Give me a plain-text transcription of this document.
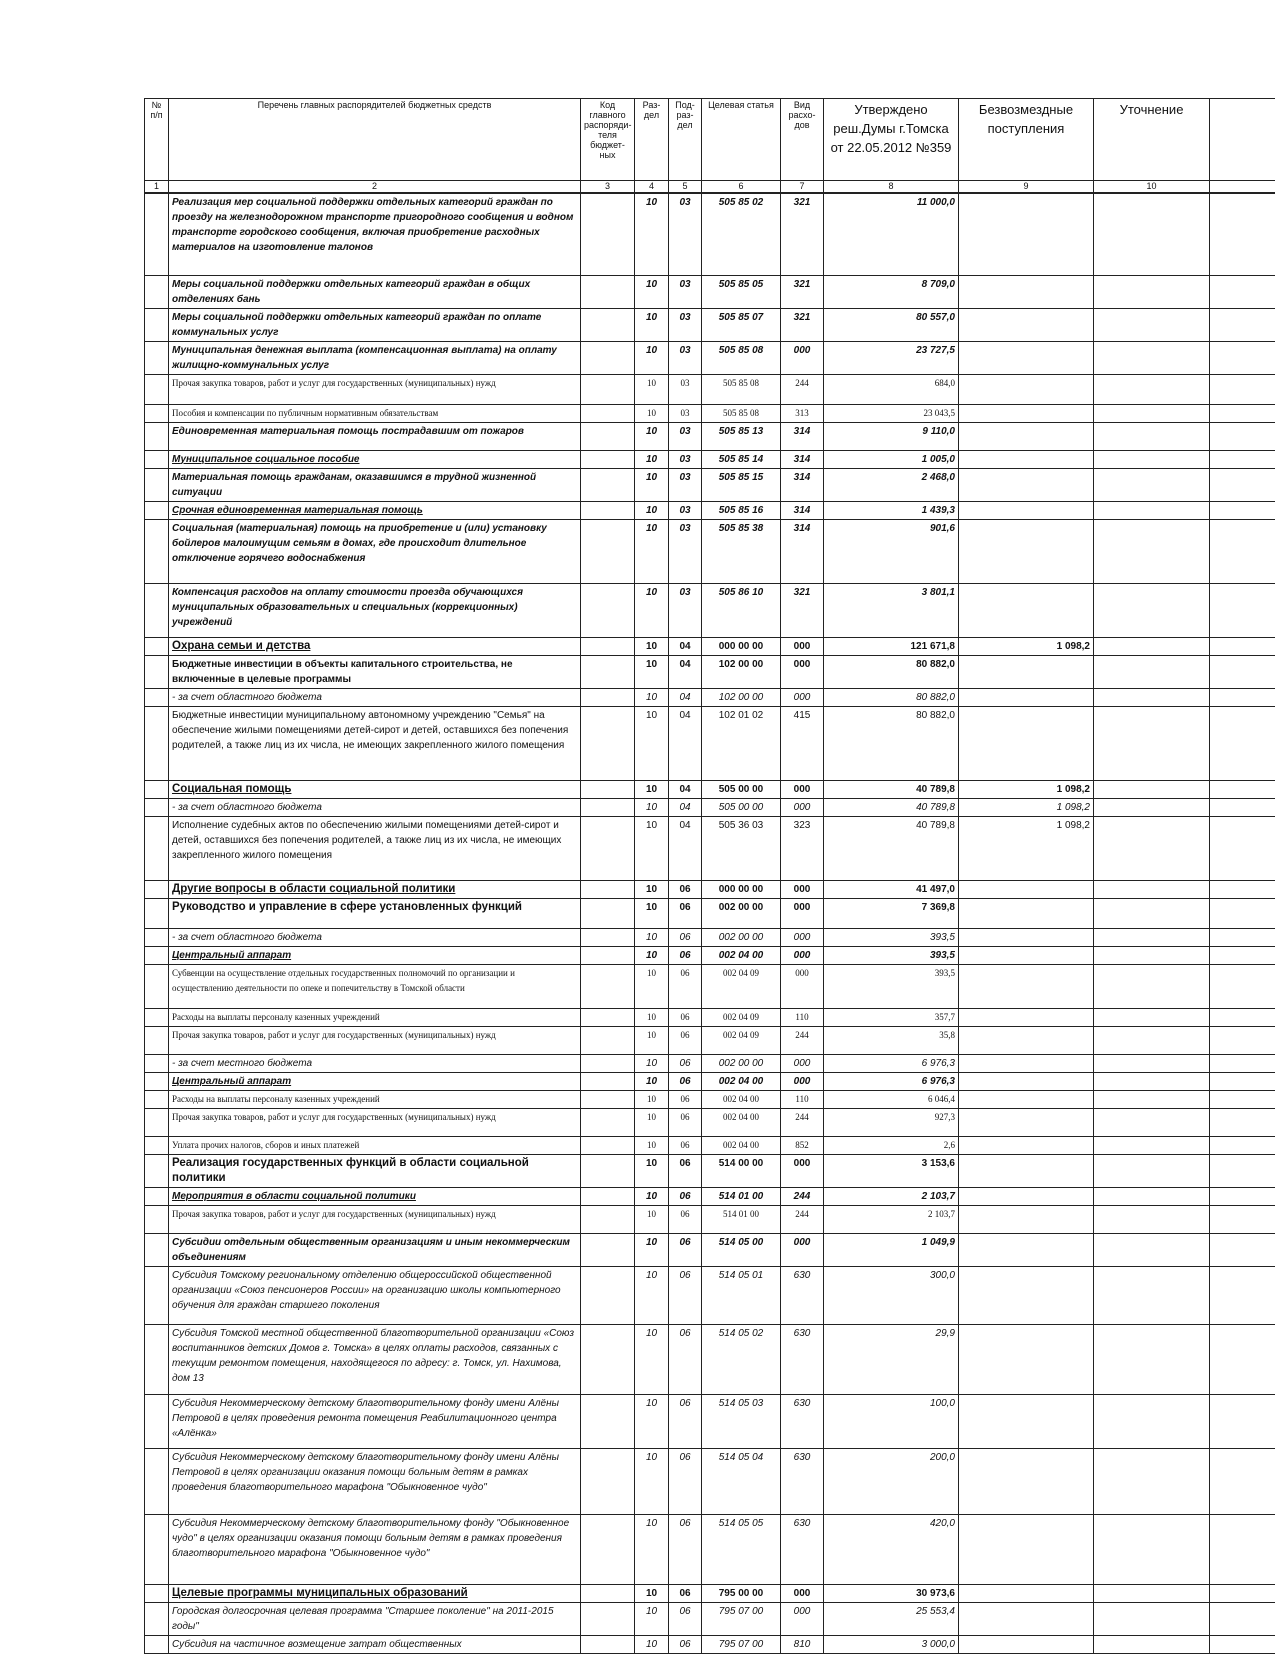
№ п/п	Перечень главных распорядителей бюджетных средств	Код главного распоряди-теля бюджет-ных	Раз-дел	Под-раз-дел	Целевая статья	Вид расхо-дов	Утверждено реш.Думы г.Томска от 22.05.2012 №359	Безвозмездные поступления	Уточнение	
1	2	3	4	5	6	7	8	9	10	
	Реализация мер социальной поддержки отдельных категорий граждан по проезду на железнодорожном транспорте пригородного сообщения и водном транспорте городского сообщения, включая приобретение расходных материалов на изготовление талонов		10	03	505 85 02	321	11 000,0			
	Меры социальной поддержки отдельных категорий граждан в общих отделениях бань		10	03	505 85 05	321	8 709,0			
	Меры социальной поддержки отдельных категорий граждан по оплате коммунальных услуг		10	03	505 85 07	321	80 557,0			
	Муниципальная денежная выплата (компенсационная выплата) на оплату жилищно-коммунальных услуг		10	03	505 85 08	000	23 727,5			
	Прочая закупка товаров, работ и услуг для государственных (муниципальных) нужд		10	03	505 85 08	244	684,0			
	Пособия и компенсации по публичным нормативным обязательствам		10	03	505 85 08	313	23 043,5			
	Единовременная материальная помощь пострадавшим от пожаров		10	03	505 85 13	314	9 110,0			
	Муниципальное социальное пособие		10	03	505 85 14	314	1 005,0			
	Материальная помощь гражданам, оказавшимся в трудной жизненной ситуации		10	03	505 85 15	314	2 468,0			
	Срочная единовременная материальная помощь		10	03	505 85 16	314	1 439,3			
	Социальная (материальная) помощь на приобретение и (или) установку бойлеров малоимущим семьям в домах, где происходит длительное отключение горячего водоснабжения		10	03	505 85 38	314	901,6			
	Компенсация расходов на оплату стоимости проезда обучающихся муниципальных образовательных и специальных (коррекционных) учреждений		10	03	505 86 10	321	3 801,1			
	Охрана семьи и детства		10	04	000 00 00	000	121 671,8	1 098,2		
	Бюджетные инвестиции в объекты капитального строительства, не включенные в целевые программы		10	04	102 00 00	000	80 882,0			
	- за счет областного бюджета		10	04	102 00 00	000	80 882,0			
	Бюджетные инвестиции муниципальному автономному учреждению "Семья" на обеспечение жилыми помещениями детей-сирот и детей, оставшихся без попечения родителей, а также лиц из их числа, не имеющих закрепленного жилого помещения		10	04	102 01 02	415	80 882,0			
	Социальная помощь		10	04	505 00 00	000	40 789,8	1 098,2		
	- за счет областного бюджета		10	04	505 00 00	000	40 789,8	1 098,2		
	Исполнение судебных актов по обеспечению жилыми помещениями детей-сирот и детей, оставшихся без попечения родителей, а также лиц из их числа, не имеющих закрепленного жилого помещения		10	04	505 36 03	323	40 789,8	1 098,2		
	Другие вопросы в области социальной политики		10	06	000 00 00	000	41 497,0			
	Руководство и управление в сфере установленных функций		10	06	002 00 00	000	7 369,8			
	- за счет областного бюджета		10	06	002 00 00	000	393,5			
	Центральный аппарат		10	06	002 04 00	000	393,5			
	Субвенции на осуществление отдельных государственных полномочий по организации и осуществлению деятельности по опеке и попечительству в Томской области		10	06	002 04 09	000	393,5			
	Расходы на выплаты персоналу казенных учреждений		10	06	002 04 09	110	357,7			
	Прочая закупка товаров, работ и услуг для государственных (муниципальных) нужд		10	06	002 04 09	244	35,8			
	- за счет местного бюджета		10	06	002 00 00	000	6 976,3			
	Центральный аппарат		10	06	002 04 00	000	6 976,3			
	Расходы на выплаты персоналу казенных учреждений		10	06	002 04 00	110	6 046,4			
	Прочая закупка товаров, работ и услуг для государственных (муниципальных) нужд		10	06	002 04 00	244	927,3			
	Уплата прочих налогов, сборов и иных платежей		10	06	002 04 00	852	2,6			
	Реализация государственных функций в области социальной политики		10	06	514 00 00	000	3 153,6			
	Мероприятия в области социальной политики		10	06	514 01 00	244	2 103,7			
	Прочая закупка товаров, работ и услуг для государственных (муниципальных) нужд		10	06	514 01 00	244	2 103,7			
	Субсидии отдельным общественным организациям и иным некоммерческим объединениям		10	06	514 05 00	000	1 049,9			
	Субсидия Томскому региональному отделению общероссийской общественной организации «Союз пенсионеров России» на организацию школы компьютерного обучения для граждан старшего поколения		10	06	514 05 01	630	300,0			
	Субсидия Томской местной общественной благотворительной организации «Союз воспитанников детских Домов г. Томска» в целях оплаты расходов, связанных с текущим ремонтом помещения, находящегося по адресу: г. Томск, ул. Нахимова, дом 13		10	06	514 05 02	630	29,9			
	Субсидия Некоммерческому детскому благотворительному фонду имени Алёны Петровой в целях проведения ремонта помещения Реабилитационного центра «Алёнка»		10	06	514 05 03	630	100,0			
	Субсидия Некоммерческому детскому благотворительному фонду имени Алёны Петровой в целях организации оказания помощи больным детям в рамках проведения благотворительного марафона "Обыкновенное чудо"		10	06	514 05 04	630	200,0			
	Субсидия Некоммерческому детскому благотворительному фонду "Обыкновенное чудо" в целях организации оказания помощи больным детям в рамках проведения благотворительного марафона "Обыкновенное чудо"		10	06	514 05 05	630	420,0			
	Целевые программы муниципальных образований		10	06	795 00 00	000	30 973,6			
	Городская долгосрочная целевая программа "Старшее поколение" на 2011-2015 годы"		10	06	795 07 00	000	25 553,4			
	Субсидия на частичное возмещение затрат общественных		10	06	795 07 00	810	3 000,0			
